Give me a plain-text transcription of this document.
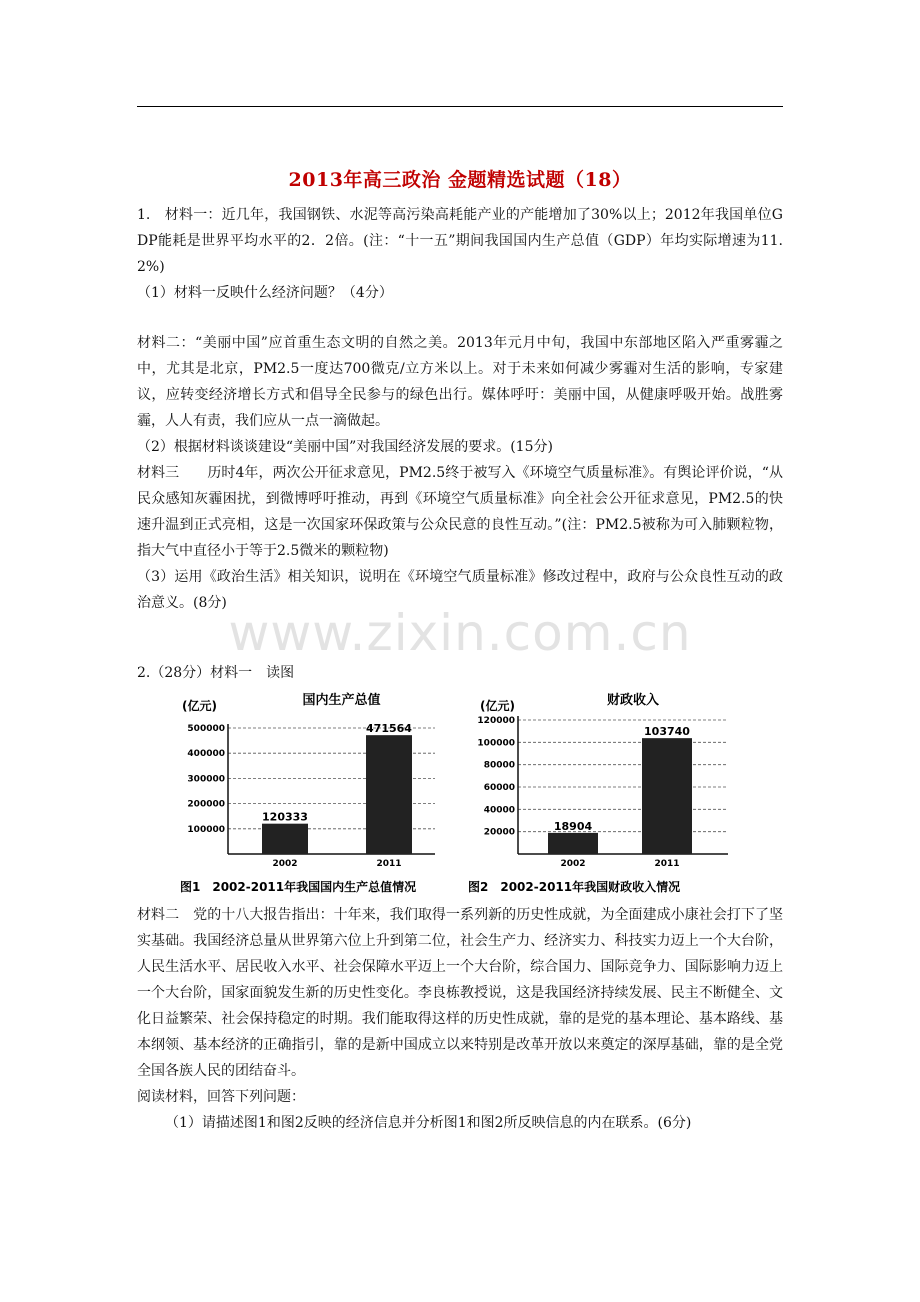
2013年高三政治 金题精选试题（18）

1.　材料一：近几年，我国钢铁、水泥等高污染高耗能产业的产能增加了30%以上；2012年我国单位GDP能耗是世界平均水平的2．2倍。(注：“十一五”期间我国国内生产总值（GDP）年均实际增速为11.2%)

（1）材料一反映什么经济问题？（4分）

材料二：“美丽中国”应首重生态文明的自然之美。2013年元月中旬，我国中东部地区陷入严重雾霾之中，尤其是北京，PM2.5一度达700微克/立方米以上。对于未来如何减少雾霾对生活的影响，专家建议，应转变经济增长方式和倡导全民参与的绿色出行。媒体呼吁：美丽中国，从健康呼吸开始。战胜雾霾，人人有责，我们应从一点一滴做起。

（2）根据材料谈谈建设“美丽中国”对我国经济发展的要求。(15分)

材料三　　历时4年，两次公开征求意见，PM2.5终于被写入《环境空气质量标准》。有舆论评价说，“从民众感知灰霾困扰，到微博呼吁推动，再到《环境空气质量标准》向全社会公开征求意见，PM2.5的快速升温到正式亮相，这是一次国家环保政策与公众民意的良性互动。”(注：PM2.5被称为可入肺颗粒物，指大气中直径小于等于2.5微米的颗粒物)

（3）运用《政治生活》相关知识，说明在《环境空气质量标准》修改过程中，政府与公众良性互动的政治意义。(8分)

www.zixin.com.cn

2.（28分）材料一　读图

国内生产总值
(亿元)
100000
200000
300000
400000
500000
120333
2002
471564
2011
图1　2002-2011年我国国内生产总值情况
财政收入
(亿元)
20000
40000
60000
80000
100000
120000
18904
2002
103740
2011
图2　2002-2011年我国财政收入情况

材料二　党的十八大报告指出：十年来，我们取得一系列新的历史性成就，为全面建成小康社会打下了坚实基础。我国经济总量从世界第六位上升到第二位，社会生产力、经济实力、科技实力迈上一个大台阶，人民生活水平、居民收入水平、社会保障水平迈上一个大台阶，综合国力、国际竞争力、国际影响力迈上一个大台阶，国家面貌发生新的历史性变化。李良栋教授说，这是我国经济持续发展、民主不断健全、文化日益繁荣、社会保持稳定的时期。我们能取得这样的历史性成就，靠的是党的基本理论、基本路线、基本纲领、基本经济的正确指引，靠的是新中国成立以来特别是改革开放以来奠定的深厚基础，靠的是全党全国各族人民的团结奋斗。

阅读材料，回答下列问题：

（1）请描述图1和图2反映的经济信息并分析图1和图2所反映信息的内在联系。(6分)
